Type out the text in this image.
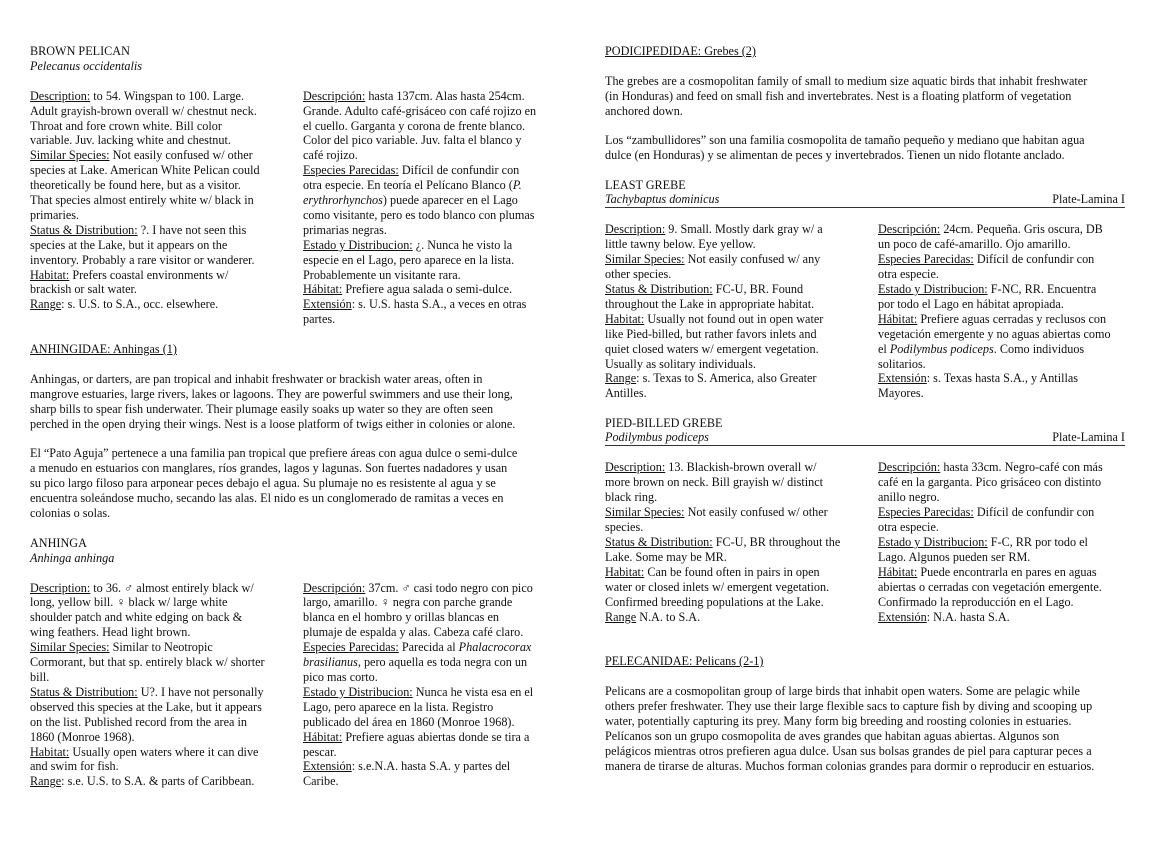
BROWN PELICAN
Pelecanus occidentalis
Description: to 54. Wingspan to 100. Large.
Adult grayish-brown overall w/ chestnut neck.
Throat and fore crown white. Bill color
variable. Juv. lacking white and chestnut.
Similar Species: Not easily confused w/ other
species at Lake. American White Pelican could
theoretically be found here, but as a visitor.
That species almost entirely white w/ black in
primaries.
Status & Distribution: ?. I have not seen this
species at the Lake, but it appears on the
inventory. Probably a rare visitor or wanderer.
Habitat: Prefers coastal environments w/
brackish or salt water.
Range: s. U.S. to S.A., occ. elsewhere.
Descripción: hasta 137cm. Alas hasta 254cm.
Grande. Adulto café-grisáceo con café rojizo en
el cuello. Garganta y corona de frente blanco.
Color del pico variable. Juv. falta el blanco y
café rojizo.
Especies Parecidas: Difícil de confundir con
otra especie. En teoría el Pelícano Blanco (P.
erythrorhynchos) puede aparecer en el Lago
como visitante, pero es todo blanco con plumas
primarias negras.
Estado y Distribucion: ¿. Nunca he visto la
especie en el Lago, pero aparece en la lista.
Probablemente un visitante rara.
Hábitat: Prefiere agua salada o semi-dulce.
Extensión: s. U.S. hasta S.A., a veces en otras
partes.
ANHINGIDAE: Anhingas (1)
Anhingas, or darters, are pan tropical and inhabit freshwater or brackish water areas, often in
mangrove estuaries, large rivers, lakes or lagoons. They are powerful swimmers and use their long,
sharp bills to spear fish underwater. Their plumage easily soaks up water so they are often seen
perched in the open drying their wings. Nest is a loose platform of twigs either in colonies or alone.
El “Pato Aguja” pertenece a una familia pan tropical que prefiere áreas con agua dulce o semi-dulce
a menudo en estuarios con manglares, ríos grandes, lagos y lagunas. Son fuertes nadadores y usan
su pico largo filoso para arponear peces debajo el agua. Su plumaje no es resistente al agua y se
encuentra soleándose mucho, secando las alas. El nido es un conglomerado de ramitas a veces en
colonias o solas.
ANHINGA
Anhinga anhinga
Description: to 36. ♂ almost entirely black w/
long, yellow bill. ♀ black w/ large white
shoulder patch and white edging on back &
wing feathers. Head light brown.
Similar Species: Similar to Neotropic
Cormorant, but that sp. entirely black w/ shorter
bill.
Status & Distribution: U?. I have not personally
observed this species at the Lake, but it appears
on the list. Published record from the area in
1860 (Monroe 1968).
Habitat: Usually open waters where it can dive
and swim for fish.
Range: s.e. U.S. to S.A. & parts of Caribbean.
Descripción: 37cm. ♂ casi todo negro con pico
largo, amarillo. ♀ negra con parche grande
blanca en el hombro y orillas blancas en
plumaje de espalda y alas. Cabeza café claro.
Especies Parecidas: Parecida al Phalacrocorax
brasilianus, pero aquella es toda negra con un
pico mas corto.
Estado y Distribucion: Nunca he vista esa en el
Lago, pero aparece en la lista. Registro
publicado del área en 1860 (Monroe 1968).
Hábitat: Prefiere aguas abiertas donde se tira a
pescar.
Extensión: s.e.N.A. hasta S.A. y partes del
Caribe.
PODICIPEDIDAE: Grebes (2)
The grebes are a cosmopolitan family of small to medium size aquatic birds that inhabit freshwater
(in Honduras) and feed on small fish and invertebrates. Nest is a floating platform of vegetation
anchored down.
Los “zambullidores” son una familia cosmopolita de tamaño pequeño y mediano que habitan agua
dulce (en Honduras) y se alimentan de peces y invertebrados. Tienen un nido flotante anclado.
LEAST GREBE
Tachybaptus dominicus	Plate-Lamina I
Description: 9. Small. Mostly dark gray w/ a
little tawny below. Eye yellow.
Similar Species: Not easily confused w/ any
other species.
Status & Distribution: FC-U, BR. Found
throughout the Lake in appropriate habitat.
Habitat: Usually not found out in open water
like Pied-billed, but rather favors inlets and
quiet closed waters w/ emergent vegetation.
Usually as solitary individuals.
Range: s. Texas to S. America, also Greater
Antilles.
Descripción: 24cm. Pequeña. Gris oscura, DB
un poco de café-amarillo. Ojo amarillo.
Especies Parecidas: Difícil de confundir con
otra especie.
Estado y Distribucion: F-NC, RR. Encuentra
por todo el Lago en hábitat apropiada.
Hábitat: Prefiere aguas cerradas y reclusos con
vegetación emergente y no aguas abiertas como
el Podilymbus podiceps. Como individuos
solitarios.
Extensión: s. Texas hasta S.A., y Antillas
Mayores.
PIED-BILLED GREBE
Podilymbus podiceps	Plate-Lamina I
Description: 13. Blackish-brown overall w/
more brown on neck. Bill grayish w/ distinct
black ring.
Similar Species: Not easily confused w/ other
species.
Status & Distribution: FC-U, BR throughout the
Lake. Some may be MR.
Habitat: Can be found often in pairs in open
water or closed inlets w/ emergent vegetation.
Confirmed breeding populations at the Lake.
Range N.A. to S.A.
Descripción: hasta 33cm. Negro-café con más
café en la garganta. Pico grisáceo con distinto
anillo negro.
Especies Parecidas: Difícil de confundir con
otra especie.
Estado y Distribucion: F-C, RR por todo el
Lago. Algunos pueden ser RM.
Hábitat: Puede encontrarla en pares en aguas
abiertas o cerradas con vegetación emergente.
Confirmado la reproducción en el Lago.
Extensión: N.A. hasta S.A.
PELECANIDAE: Pelicans (2-1)
Pelicans are a cosmopolitan group of large birds that inhabit open waters. Some are pelagic while
others prefer freshwater. They use their large flexible sacs to capture fish by diving and scooping up
water, potentially capturing its prey. Many form big breeding and roosting colonies in estuaries.
Pelícanos son un grupo cosmopolita de aves grandes que habitan aguas abiertas. Algunos son
pelágicos mientras otros prefieren agua dulce. Usan sus bolsas grandes de piel para capturar peces a
manera de tirarse de alturas. Muchos forman colonias grandes para dormir o reproducir en estuarios.
